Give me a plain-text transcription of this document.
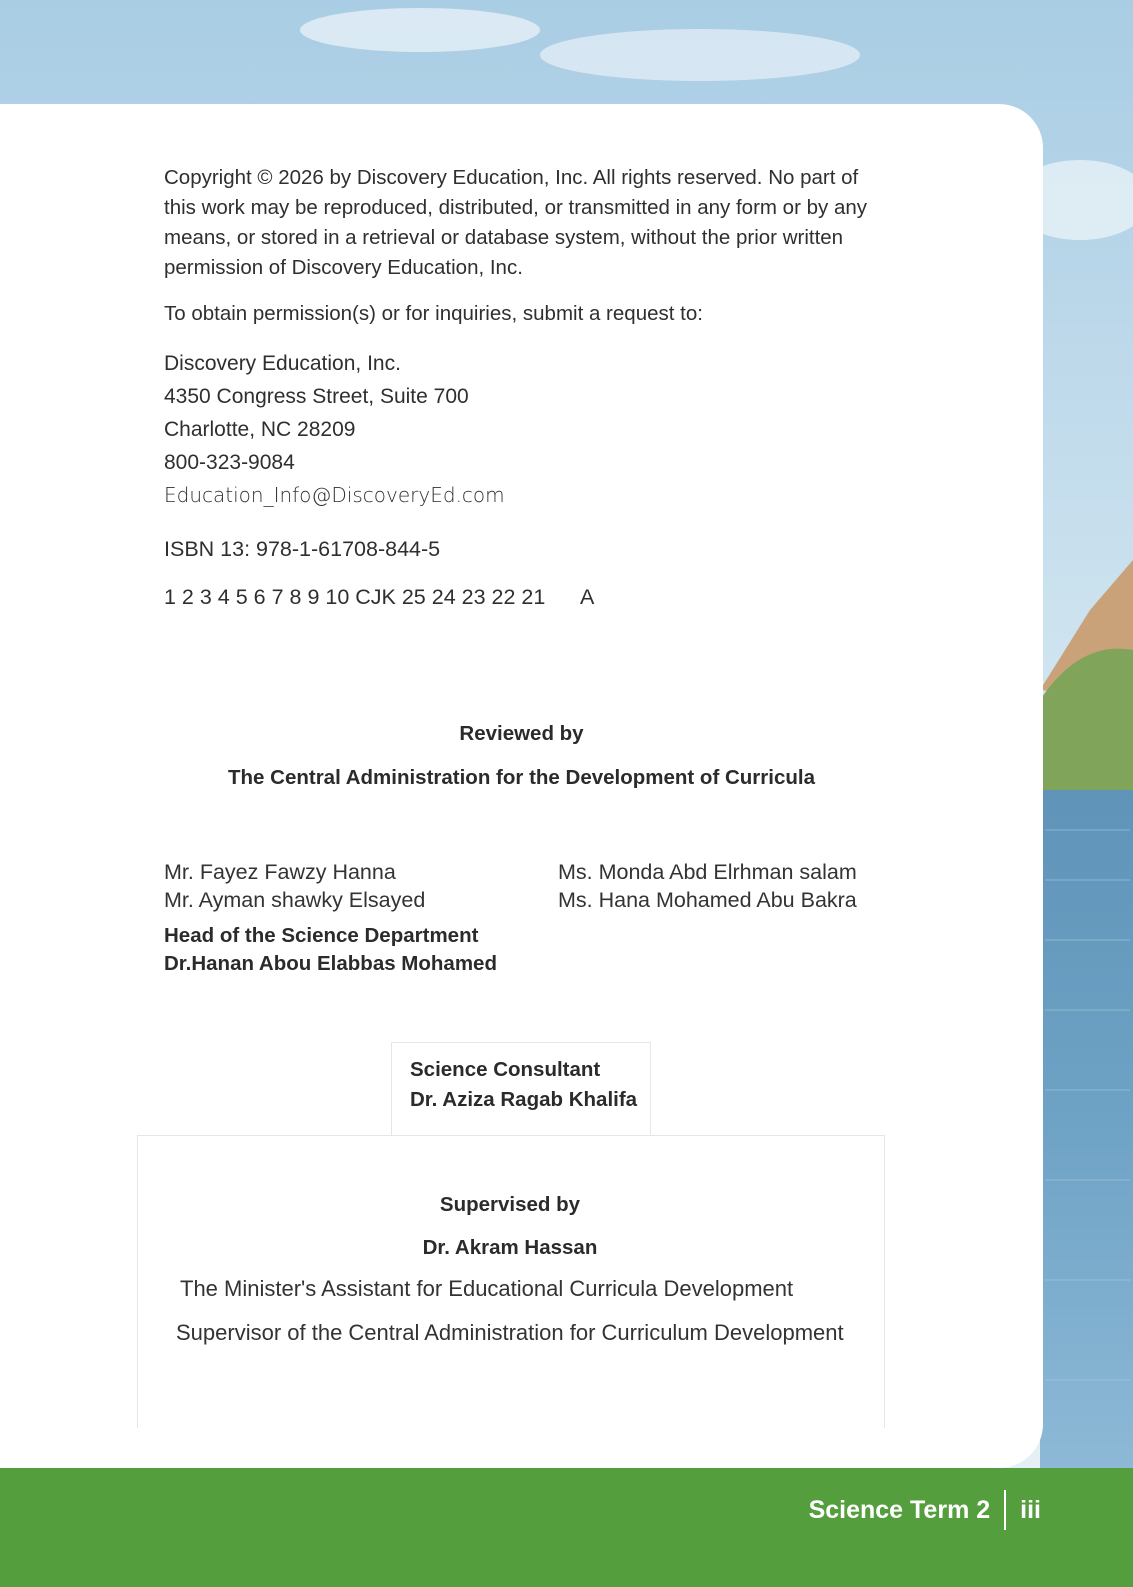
Copyright © 2026 by Discovery Education, Inc. All rights reserved. No part of this work may be reproduced, distributed, or transmitted in any form or by any means, or stored in a retrieval or database system, without the prior written permission of Discovery Education, Inc.
To obtain permission(s) or for inquiries, submit a request to:
Discovery Education, Inc.
4350 Congress Street, Suite 700
Charlotte, NC 28209
800-323-9084
Education_Info@DiscoveryEd.com
ISBN 13: 978-1-61708-844-5
1 2 3 4 5 6 7 8 9 10 CJK 25 24 23 22 21      A
Reviewed by
The Central Administration for the Development of Curricula
Mr. Fayez Fawzy Hanna
Mr. Ayman shawky Elsayed
Ms. Monda Abd Elrhman salam
Ms. Hana Mohamed Abu Bakra
Head of the Science Department
Dr.Hanan Abou Elabbas Mohamed
Science Consultant
Dr. Aziza Ragab Khalifa
Supervised by
Dr. Akram Hassan
The Minister's Assistant for Educational Curricula Development
Supervisor of the Central Administration for Curriculum Development
Science Term 2 iii
